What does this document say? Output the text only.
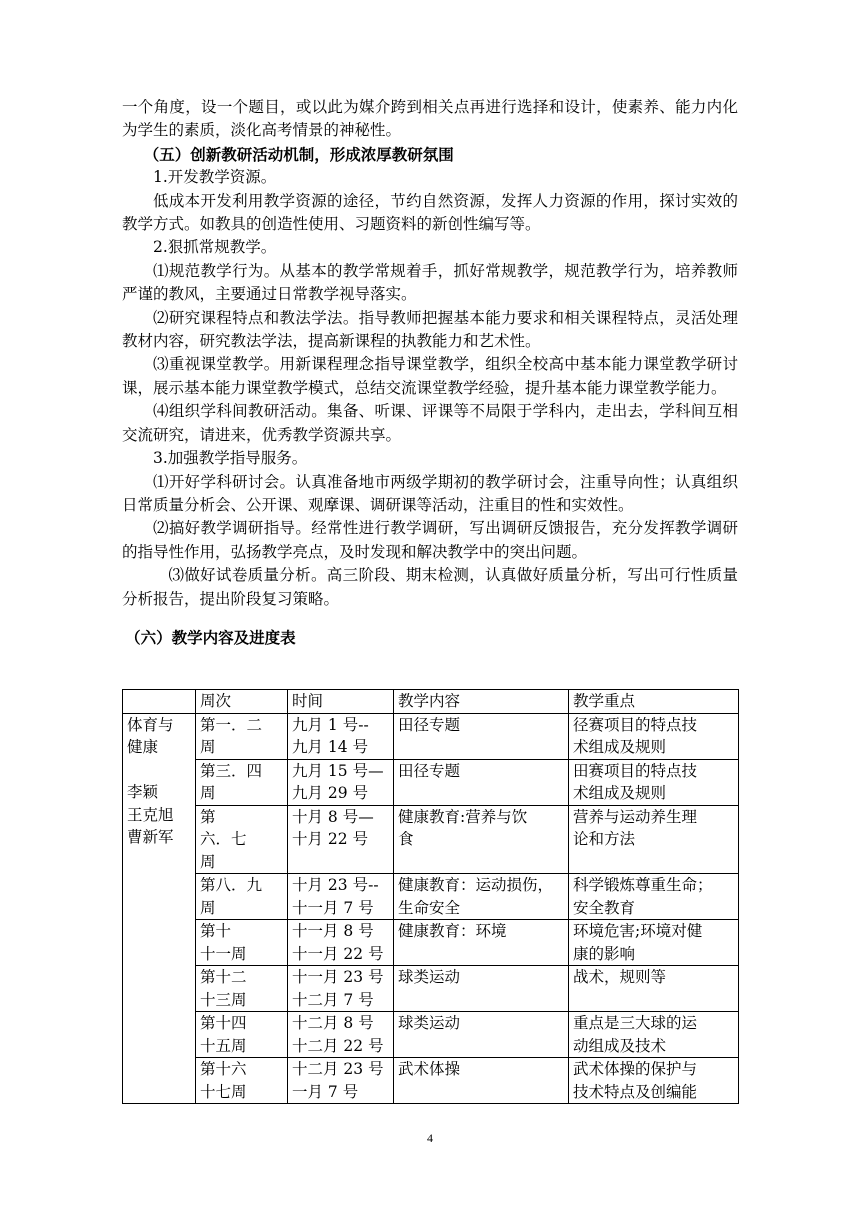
一个角度，设一个题目，或以此为媒介跨到相关点再进行选择和设计，使素养、能力内化为学生的素质，淡化高考情景的神秘性。

（五）创新教研活动机制，形成浓厚教研氛围

1.开发教学资源。

低成本开发利用教学资源的途径，节约自然资源，发挥人力资源的作用，探讨实效的教学方式。如教具的创造性使用、习题资料的新创性编写等。

2.狠抓常规教学。

⑴规范教学行为。从基本的教学常规着手，抓好常规教学，规范教学行为，培养教师严谨的教风，主要通过日常教学视导落实。

⑵研究课程特点和教法学法。指导教师把握基本能力要求和相关课程特点，灵活处理教材内容，研究教法学法，提高新课程的执教能力和艺术性。

⑶重视课堂教学。用新课程理念指导课堂教学，组织全校高中基本能力课堂教学研讨课，展示基本能力课堂教学模式，总结交流课堂教学经验，提升基本能力课堂教学能力。

⑷组织学科间教研活动。集备、听课、评课等不局限于学科内，走出去，学科间互相交流研究，请进来，优秀教学资源共享。

3.加强教学指导服务。

⑴开好学科研讨会。认真准备地市两级学期初的教学研讨会，注重导向性；认真组织日常质量分析会、公开课、观摩课、调研课等活动，注重目的性和实效性。

⑵搞好教学调研指导。经常性进行教学调研，写出调研反馈报告，充分发挥教学调研的指导性作用，弘扬教学亮点，及时发现和解决教学中的突出问题。

⑶做好试卷质量分析。高三阶段、期末检测，认真做好质量分析，写出可行性质量分析报告，提出阶段复习策略。

（六）教学内容及进度表

	周次	时间	教学内容	教学重点

体育与
健康

李颖
王克旭
曹新军	第一．二
周	九月 1 号--
九月 14 号	田径专题	径赛项目的特点技
术组成及规则

	第三．四
周	九月 15 号—
九月 29 号	田径专题	田赛项目的特点技
术组成及规则

	第
六．七
周	十月 8 号—
十月 22 号	健康教育:营养与饮
食	营养与运动养生理
论和方法

	第八．九
周	十月 23 号--
十一月 7 号	健康教育：运动损伤，
生命安全	科学锻炼尊重生命；
安全教育

	第十
十一周	十一月 8 号
十一月 22 号	健康教育：环境	环境危害;环境对健
康的影响

	第十二
十三周	十一月 23 号
十二月 7 号	球类运动	战术，规则等

	第十四
十五周	十二月 8 号
十二月 22 号	球类运动	重点是三大球的运
动组成及技术

	第十六
十七周	十二月 23 号
一月 7 号	武术体操	武术体操的保护与
技术特点及创编能
4
